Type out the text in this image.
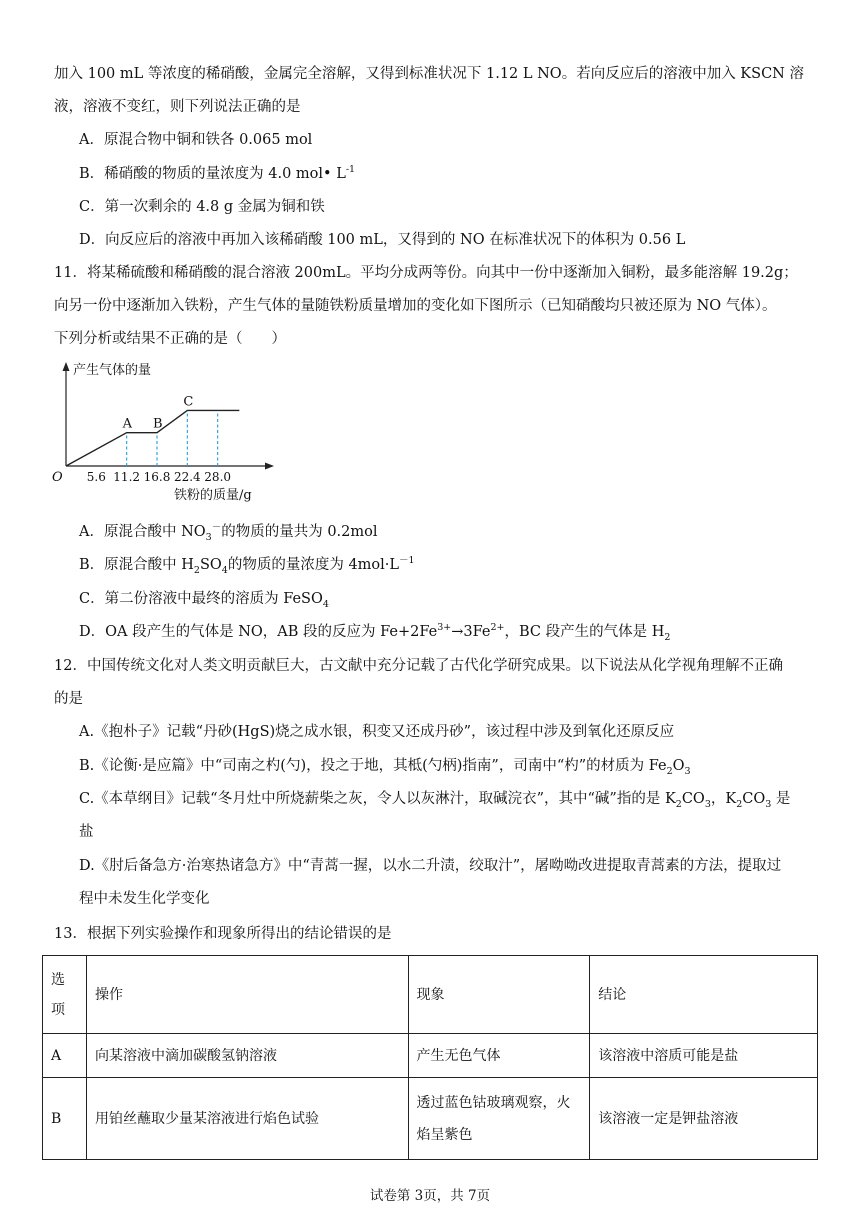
加入 100 mL 等浓度的稀硝酸，金属完全溶解，又得到标准状况下 1.12 L NO。若向反应后的溶液中加入 KSCN 溶
液，溶液不变红，则下列说法正确的是
A．原混合物中铜和铁各 0.065 mol
B．稀硝酸的物质的量浓度为 4.0 mol• $L^{-1}$
C．第一次剩余的 4.8 g 金属为铜和铁
D．向反应后的溶液中再加入该稀硝酸 100 mL，又得到的 NO 在标准状况下的体积为 0.56 L
11．将某稀硫酸和稀硝酸的混合溶液 200mL。平均分成两等份。向其中一份中逐渐加入铜粉，最多能溶解 19.2g；
向另一份中逐渐加入铁粉，产生气体的量随铁粉质量增加的变化如下图所示（已知硝酸均只被还原为 NO 气体）。
下列分析或结果不正确的是（　　）
产生气体的量
铁粉的质量/g
O 5.6 11.2 16.8 22.4 28.0
A B
C
A．原混合酸中 $NO_3^-$的物质的量共为 0.2mol
B．原混合酸中 $H_2SO_4$的物质的量浓度为 $4mol\cdot L^{-1}$
C．第二份溶液中最终的溶质为 FeSO$_4$
D．OA 段产生的气体是 NO，AB 段的反应为 $Fe+2Fe^{3+}\to 3Fe^{2+}$，BC 段产生的气体是 $H_2$
12．中国传统文化对人类文明贡献巨大，古文献中充分记载了古代化学研究成果。以下说法从化学视角理解不正确
的是
A.《抱朴子》记载“丹砂(HgS)烧之成水银，积变又还成丹砂”，该过程中涉及到氧化还原反应
B.《论衡·是应篇》中“司南之杓(勺)，投之于地，其柢(勺柄)指南”，司南中“杓”的材质为 $Fe_2O_3$
C.《本草纲目》记载“冬月灶中所烧薪柴之灰，令人以灰淋汁，取碱浣衣”，其中“碱”指的是 $K_2CO_3$，$K_2CO_3$ 是
盐
D.《肘后备急方·治寒热诸急方》中“青蒿一握，以水二升渍，绞取汁”，屠呦呦改进提取青蒿素的方法，提取过
程中未发生化学变化
13．根据下列实验操作和现象所得出的结论错误的是
选
项	操作	现象	结论
A	向某溶液中滴加碳酸氢钠溶液	产生无色气体	该溶液中溶质可能是盐
B	用铂丝蘸取少量某溶液进行焰色试验	透过蓝色钴玻璃观察，火
焰呈紫色	该溶液一定是钾盐溶液
试卷第 3页，共 7页
